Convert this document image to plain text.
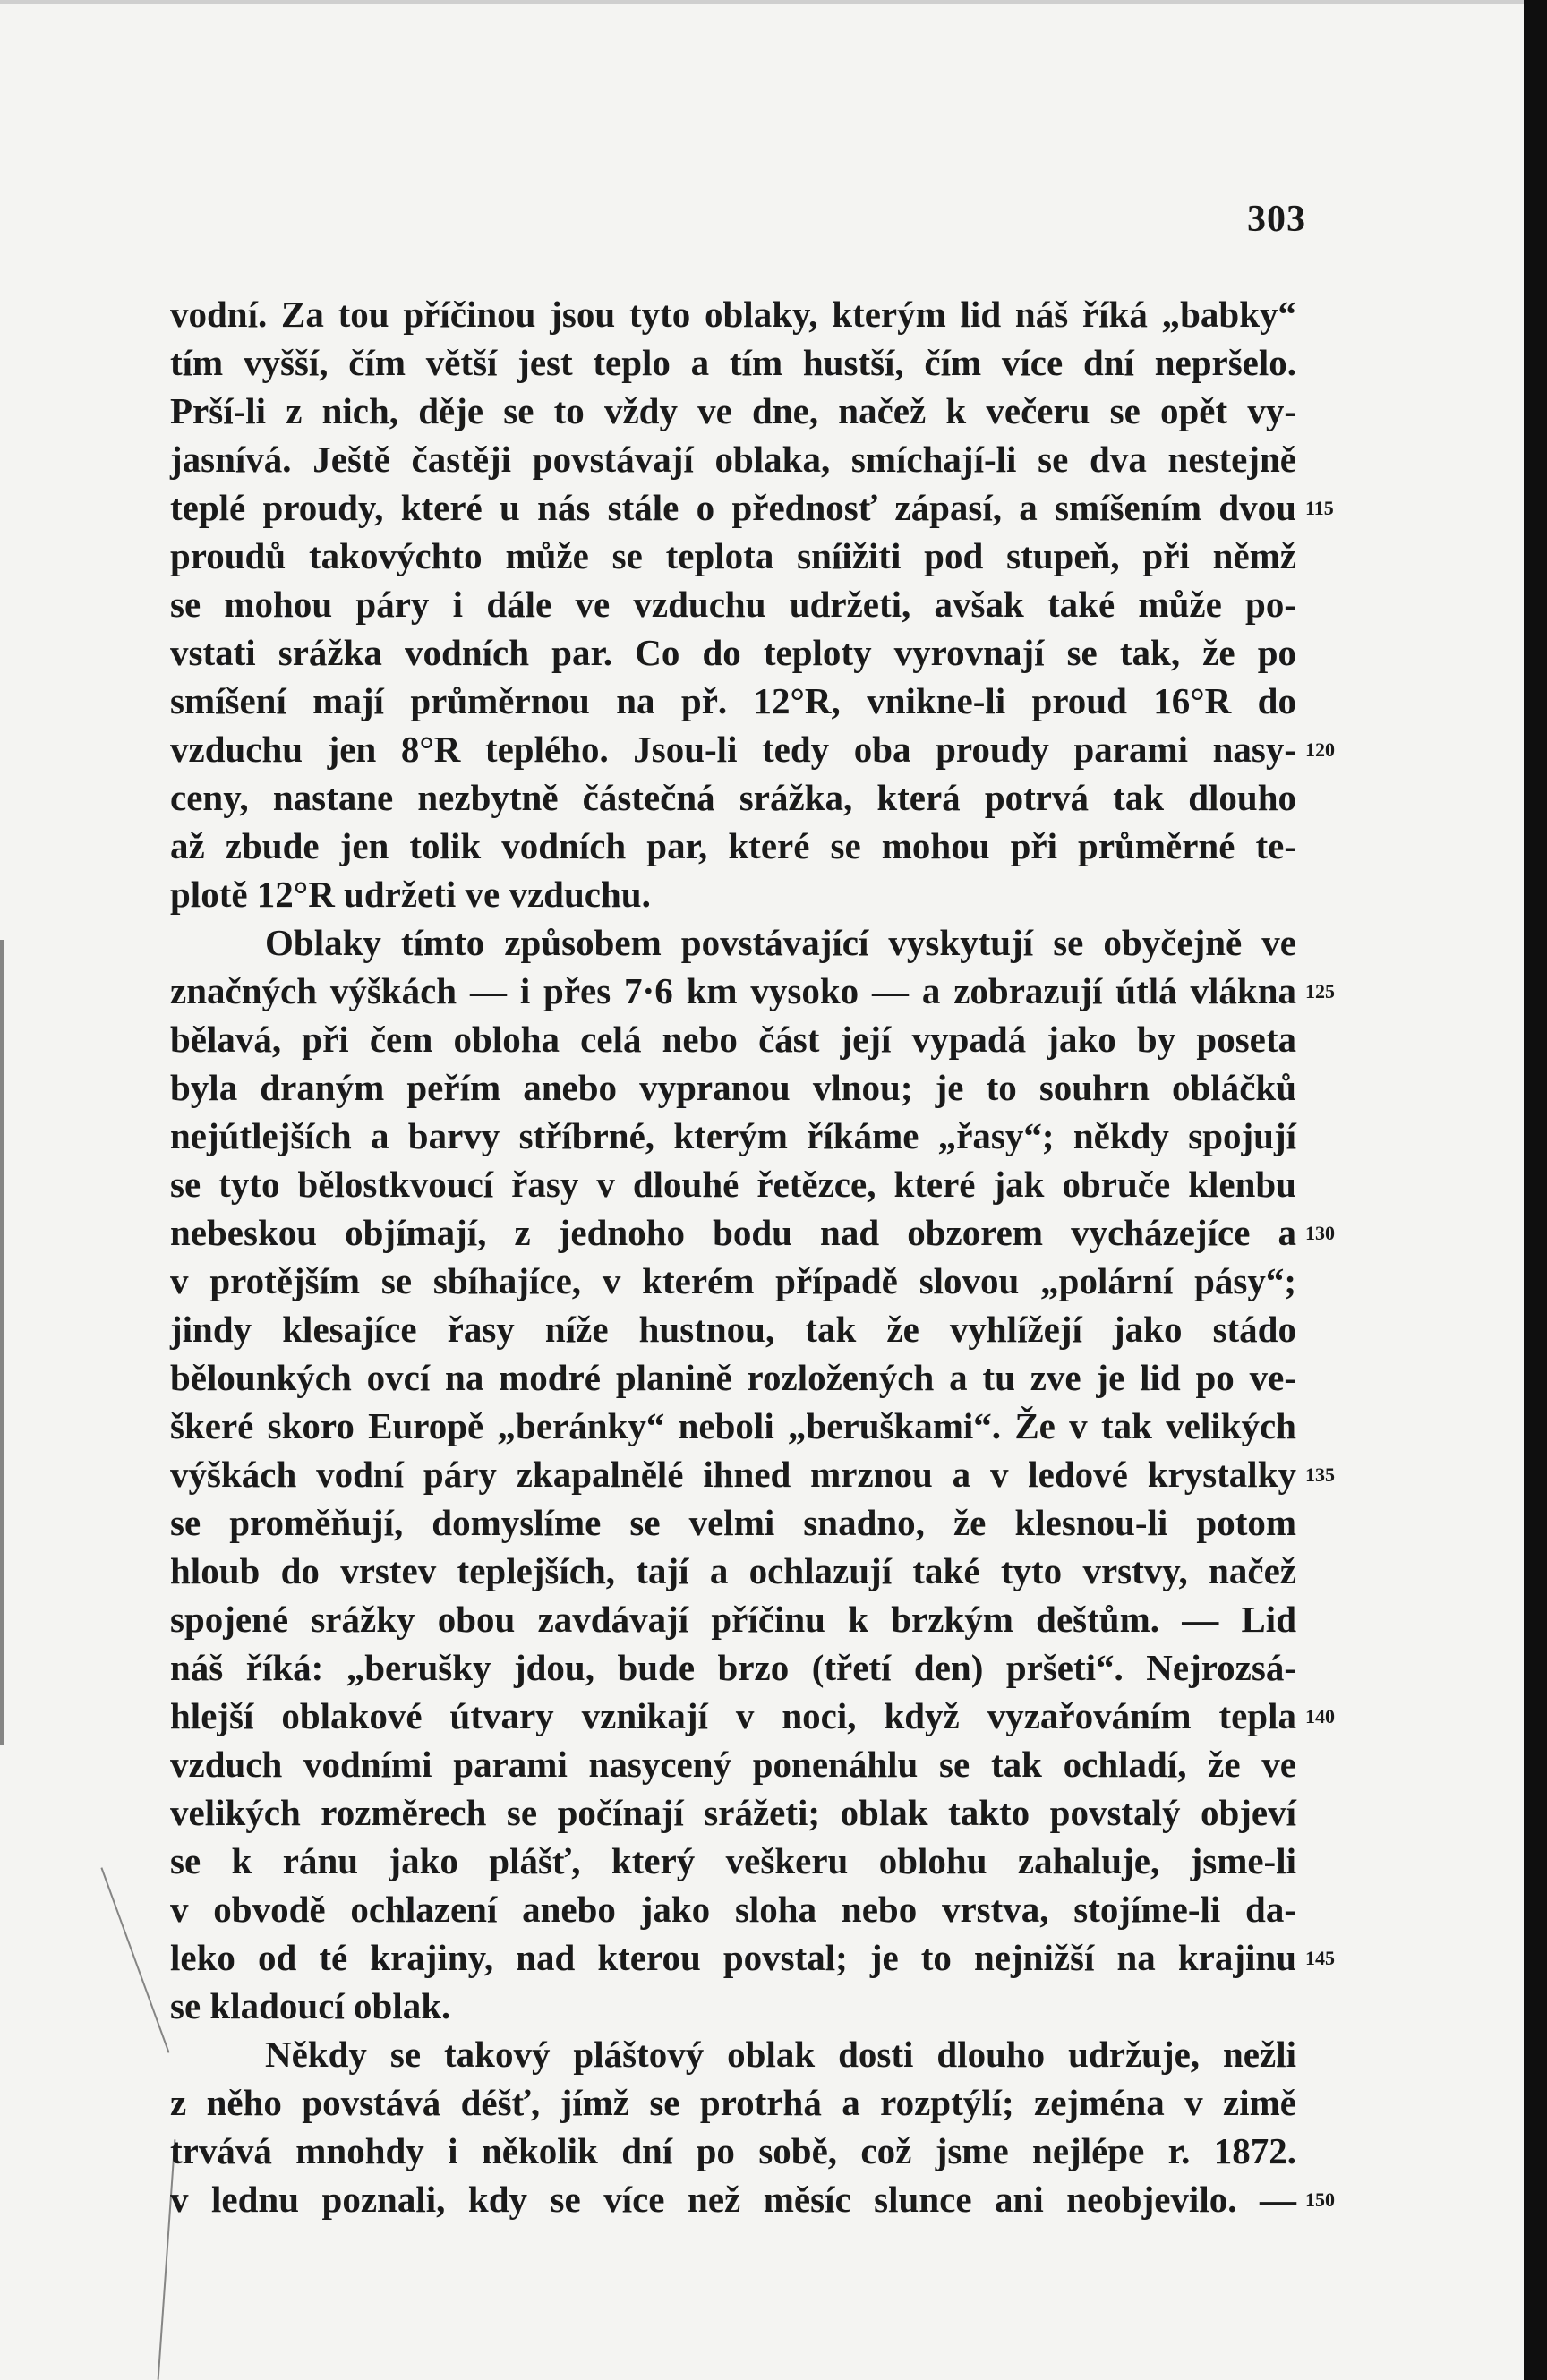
303
vodní. Za tou příčinou jsou tyto oblaky, kterým lid náš říká „babky“
tím vyšší, čím větší jest teplo a tím hustší, čím více dní nepršelo.
Prší-li z nich, děje se to vždy ve dne, načež k večeru se opět vy-
jasnívá. Ještě častěji povstávají oblaka, smíchají-li se dva nestejně
teplé proudy, které u nás stále o přednosť zápasí, a smíšením dvou
proudů takovýchto může se teplota sníižiti pod stupeň, při němž
se mohou páry i dále ve vzduchu udržeti, avšak také může po-
vstati srážka vodních par. Co do teploty vyrovnají se tak, že po
smíšení mají průměrnou na př. 12°R, vnikne-li proud 16°R do
vzduchu jen 8°R teplého. Jsou-li tedy oba proudy parami nasy-
ceny, nastane nezbytně částečná srážka, která potrvá tak dlouho
až zbude jen tolik vodních par, které se mohou při průměrné te-
plotě 12°R udržeti ve vzduchu.
Oblaky tímto způsobem povstávající vyskytují se obyčejně ve
značných výškách — i přes 7·6 km vysoko — a zobrazují útlá vlákna
bělavá, při čem obloha celá nebo část její vypadá jako by poseta
byla draným peřím anebo vypranou vlnou; je to souhrn obláčků
nejútlejších a barvy stříbrné, kterým říkáme „řasy“; někdy spojují
se tyto bělostkvoucí řasy v dlouhé řetězce, které jak obruče klenbu
nebeskou objímají, z jednoho bodu nad obzorem vycházejíce a
v protějším se sbíhajíce, v kterém případě slovou „polární pásy“;
jindy klesajíce řasy níže hustnou, tak že vyhlížejí jako stádo
bělounkých ovcí na modré planině rozložených a tu zve je lid po ve-
škeré skoro Europě „beránky“ neboli „beruškami“. Že v tak velikých
výškách vodní páry zkapalnělé ihned mrznou a v ledové krystalky
se proměňují, domyslíme se velmi snadno, že klesnou-li potom
hloub do vrstev teplejších, tají a ochlazují také tyto vrstvy, načež
spojené srážky obou zavdávají příčinu k brzkým deštům. — Lid
náš říká: „berušky jdou, bude brzo (třetí den) pršeti“. Nejrozsá-
hlejší oblakové útvary vznikají v noci, když vyzařováním tepla
vzduch vodními parami nasycený ponenáhlu se tak ochladí, že ve
velikých rozměrech se počínají srážeti; oblak takto povstalý objeví
se k ránu jako plášť, který veškeru oblohu zahaluje, jsme-li
v obvodě ochlazení anebo jako sloha nebo vrstva, stojíme-li da-
leko od té krajiny, nad kterou povstal; je to nejnižší na krajinu
se kladoucí oblak.
Někdy se takový pláštový oblak dosti dlouho udržuje, nežli
z něho povstává déšť, jímž se protrhá a rozptýlí; zejména v zimě
trvává mnohdy i několik dní po sobě, což jsme nejlépe r. 1872.
v lednu poznali, kdy se více než měsíc slunce ani neobjevilo. —
115
120
125
130
135
140
145
150
